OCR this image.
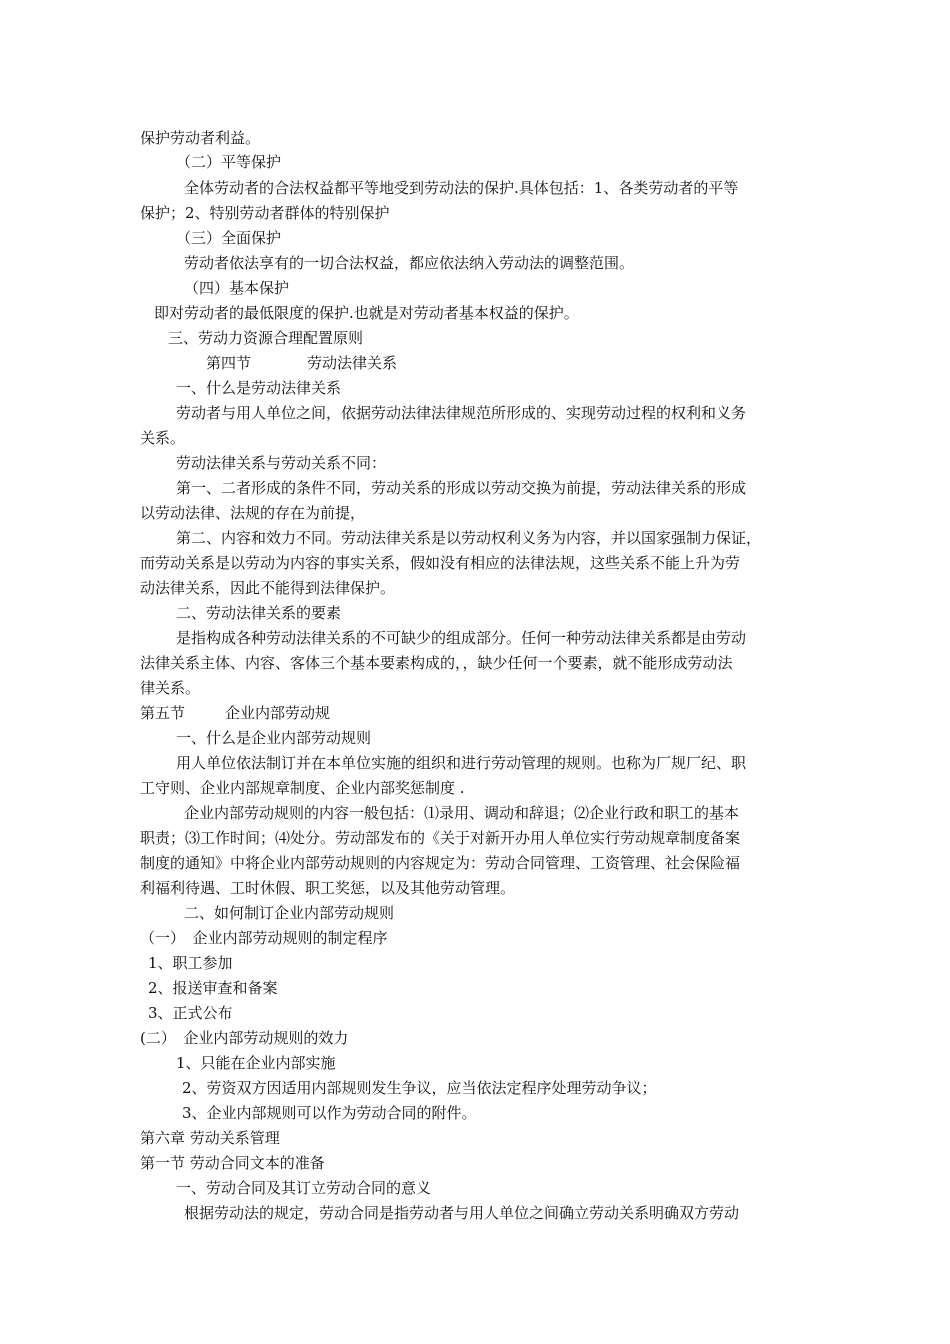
保护劳动者利益。
（二）平等保护
全体劳动者的合法权益都平等地受到劳动法的保护.具体包括：1、各类劳动者的平等
保护；2、特别劳动者群体的特别保护
（三）全面保护
劳动者依法享有的一切合法权益，都应依法纳入劳动法的调整范围。
（四）基本保护
即对劳动者的最低限度的保护.也就是对劳动者基本权益的保护。
三、劳动力资源合理配置原则
第四节	劳动法律关系
一、什么是劳动法律关系
劳动者与用人单位之间，依据劳动法律法律规范所形成的、实现劳动过程的权利和义务
关系。
劳动法律关系与劳动关系不同：
第一、二者形成的条件不同，劳动关系的形成以劳动交换为前提，劳动法律关系的形成
以劳动法律、法规的存在为前提，
第二、内容和效力不同。劳动法律关系是以劳动权利义务为内容，并以国家强制力保证，
而劳动关系是以劳动为内容的事实关系，假如没有相应的法律法规，这些关系不能上升为劳
动法律关系，因此不能得到法律保护。
二、劳动法律关系的要素
是指构成各种劳动法律关系的不可缺少的组成部分。任何一种劳动法律关系都是由劳动
法律关系主体、内容、客体三个基本要素构成的，，缺少任何一个要素，就不能形成劳动法
律关系。
第五节	企业内部劳动规
一、什么是企业内部劳动规则
用人单位依法制订并在本单位实施的组织和进行劳动管理的规则。也称为厂规厂纪、职
工守则、企业内部规章制度、企业内部奖惩制度 .
企业内部劳动规则的内容一般包括：⑴录用、调动和辞退；⑵企业行政和职工的基本
职责；⑶工作时间；⑷处分。劳动部发布的《关于对新开办用人单位实行劳动规章制度备案
制度的通知》中将企业内部劳动规则的内容规定为：劳动合同管理、工资管理、社会保险福
利福利待遇、工时休假、职工奖惩，以及其他劳动管理。
二、如何制订企业内部劳动规则
（一）　企业内部劳动规则的制定程序
1、职工参加
2、报送审查和备案
3、正式公布
(二）　企业内部劳动规则的效力
1、只能在企业内部实施
2、劳资双方因适用内部规则发生争议，应当依法定程序处理劳动争议；
3、企业内部规则可以作为劳动合同的附件。
第六章 劳动关系管理
第一节 劳动合同文本的准备
一、劳动合同及其订立劳动合同的意义
根据劳动法的规定，劳动合同是指劳动者与用人单位之间确立劳动关系明确双方劳动
